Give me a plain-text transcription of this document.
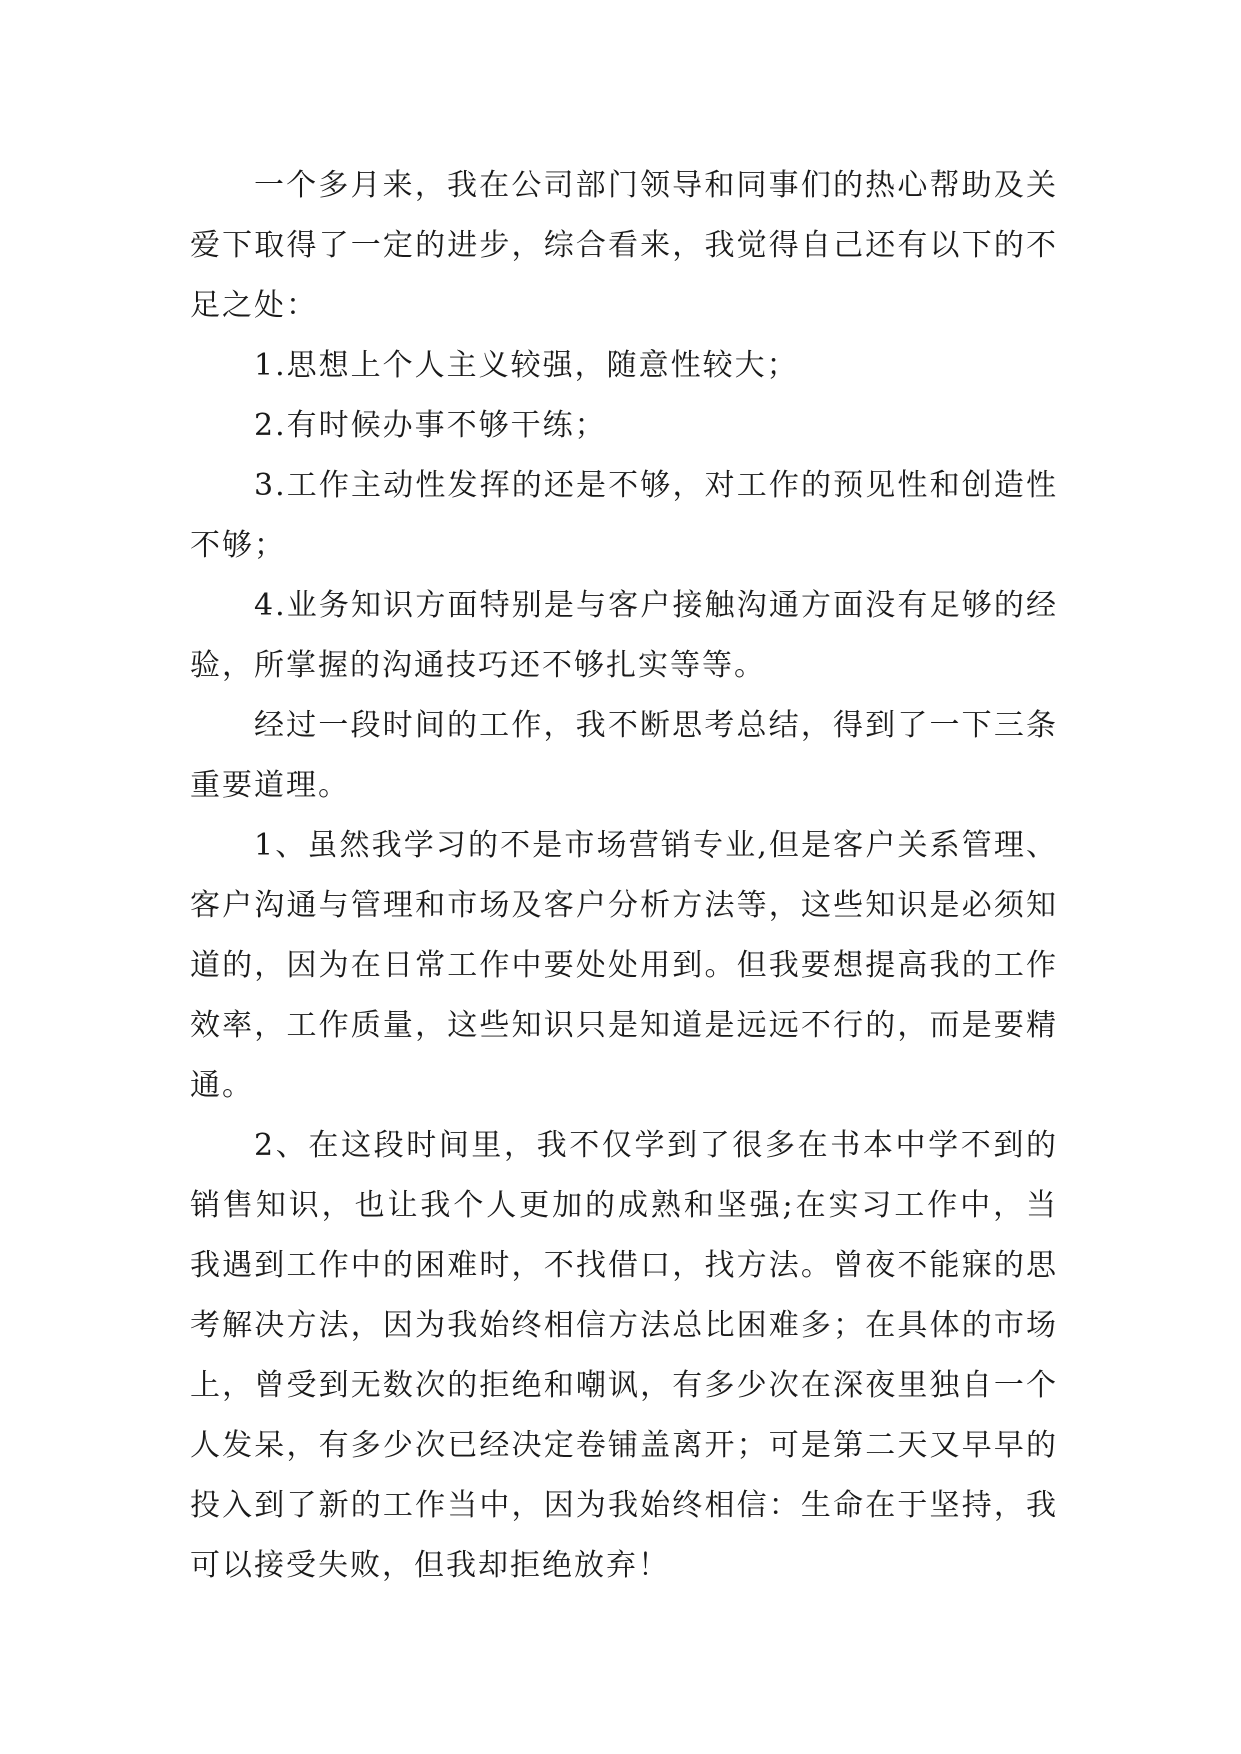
一个多月来，我在公司部门领导和同事们的热心帮助及关爱下取得了一定的进步，综合看来，我觉得自己还有以下的不足之处：

1.思想上个人主义较强，随意性较大；

2.有时候办事不够干练；

3.工作主动性发挥的还是不够，对工作的预见性和创造性不够；

4.业务知识方面特别是与客户接触沟通方面没有足够的经验，所掌握的沟通技巧还不够扎实等等。

经过一段时间的工作，我不断思考总结，得到了一下三条重要道理。

1、虽然我学习的不是市场营销专业,但是客户关系管理、客户沟通与管理和市场及客户分析方法等，这些知识是必须知道的，因为在日常工作中要处处用到。但我要想提高我的工作效率，工作质量，这些知识只是知道是远远不行的，而是要精通。

2、在这段时间里，我不仅学到了很多在书本中学不到的销售知识，也让我个人更加的成熟和坚强;在实习工作中，当我遇到工作中的困难时，不找借口，找方法。曾夜不能寐的思考解决方法，因为我始终相信方法总比困难多；在具体的市场上，曾受到无数次的拒绝和嘲讽，有多少次在深夜里独自一个人发呆，有多少次已经决定卷铺盖离开；可是第二天又早早的投入到了新的工作当中，因为我始终相信：生命在于坚持，我可以接受失败，但我却拒绝放弃！
